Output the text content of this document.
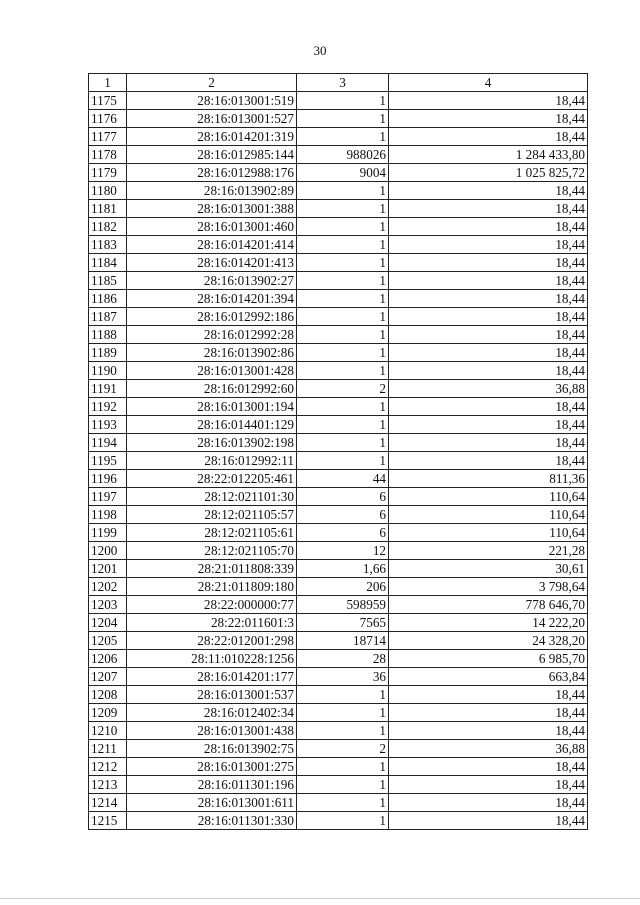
30
1	2	3	4
1175	28:16:013001:519	1	18,44
1176	28:16:013001:527	1	18,44
1177	28:16:014201:319	1	18,44
1178	28:16:012985:144	988026	1 284 433,80
1179	28:16:012988:176	9004	1 025 825,72
1180	28:16:013902:89	1	18,44
1181	28:16:013001:388	1	18,44
1182	28:16:013001:460	1	18,44
1183	28:16:014201:414	1	18,44
1184	28:16:014201:413	1	18,44
1185	28:16:013902:27	1	18,44
1186	28:16:014201:394	1	18,44
1187	28:16:012992:186	1	18,44
1188	28:16:012992:28	1	18,44
1189	28:16:013902:86	1	18,44
1190	28:16:013001:428	1	18,44
1191	28:16:012992:60	2	36,88
1192	28:16:013001:194	1	18,44
1193	28:16:014401:129	1	18,44
1194	28:16:013902:198	1	18,44
1195	28:16:012992:11	1	18,44
1196	28:22:012205:461	44	811,36
1197	28:12:021101:30	6	110,64
1198	28:12:021105:57	6	110,64
1199	28:12:021105:61	6	110,64
1200	28:12:021105:70	12	221,28
1201	28:21:011808:339	1,66	30,61
1202	28:21:011809:180	206	3 798,64
1203	28:22:000000:77	598959	778 646,70
1204	28:22:011601:3	7565	14 222,20
1205	28:22:012001:298	18714	24 328,20
1206	28:11:010228:1256	28	6 985,70
1207	28:16:014201:177	36	663,84
1208	28:16:013001:537	1	18,44
1209	28:16:012402:34	1	18,44
1210	28:16:013001:438	1	18,44
1211	28:16:013902:75	2	36,88
1212	28:16:013001:275	1	18,44
1213	28:16:011301:196	1	18,44
1214	28:16:013001:611	1	18,44
1215	28:16:011301:330	1	18,44
